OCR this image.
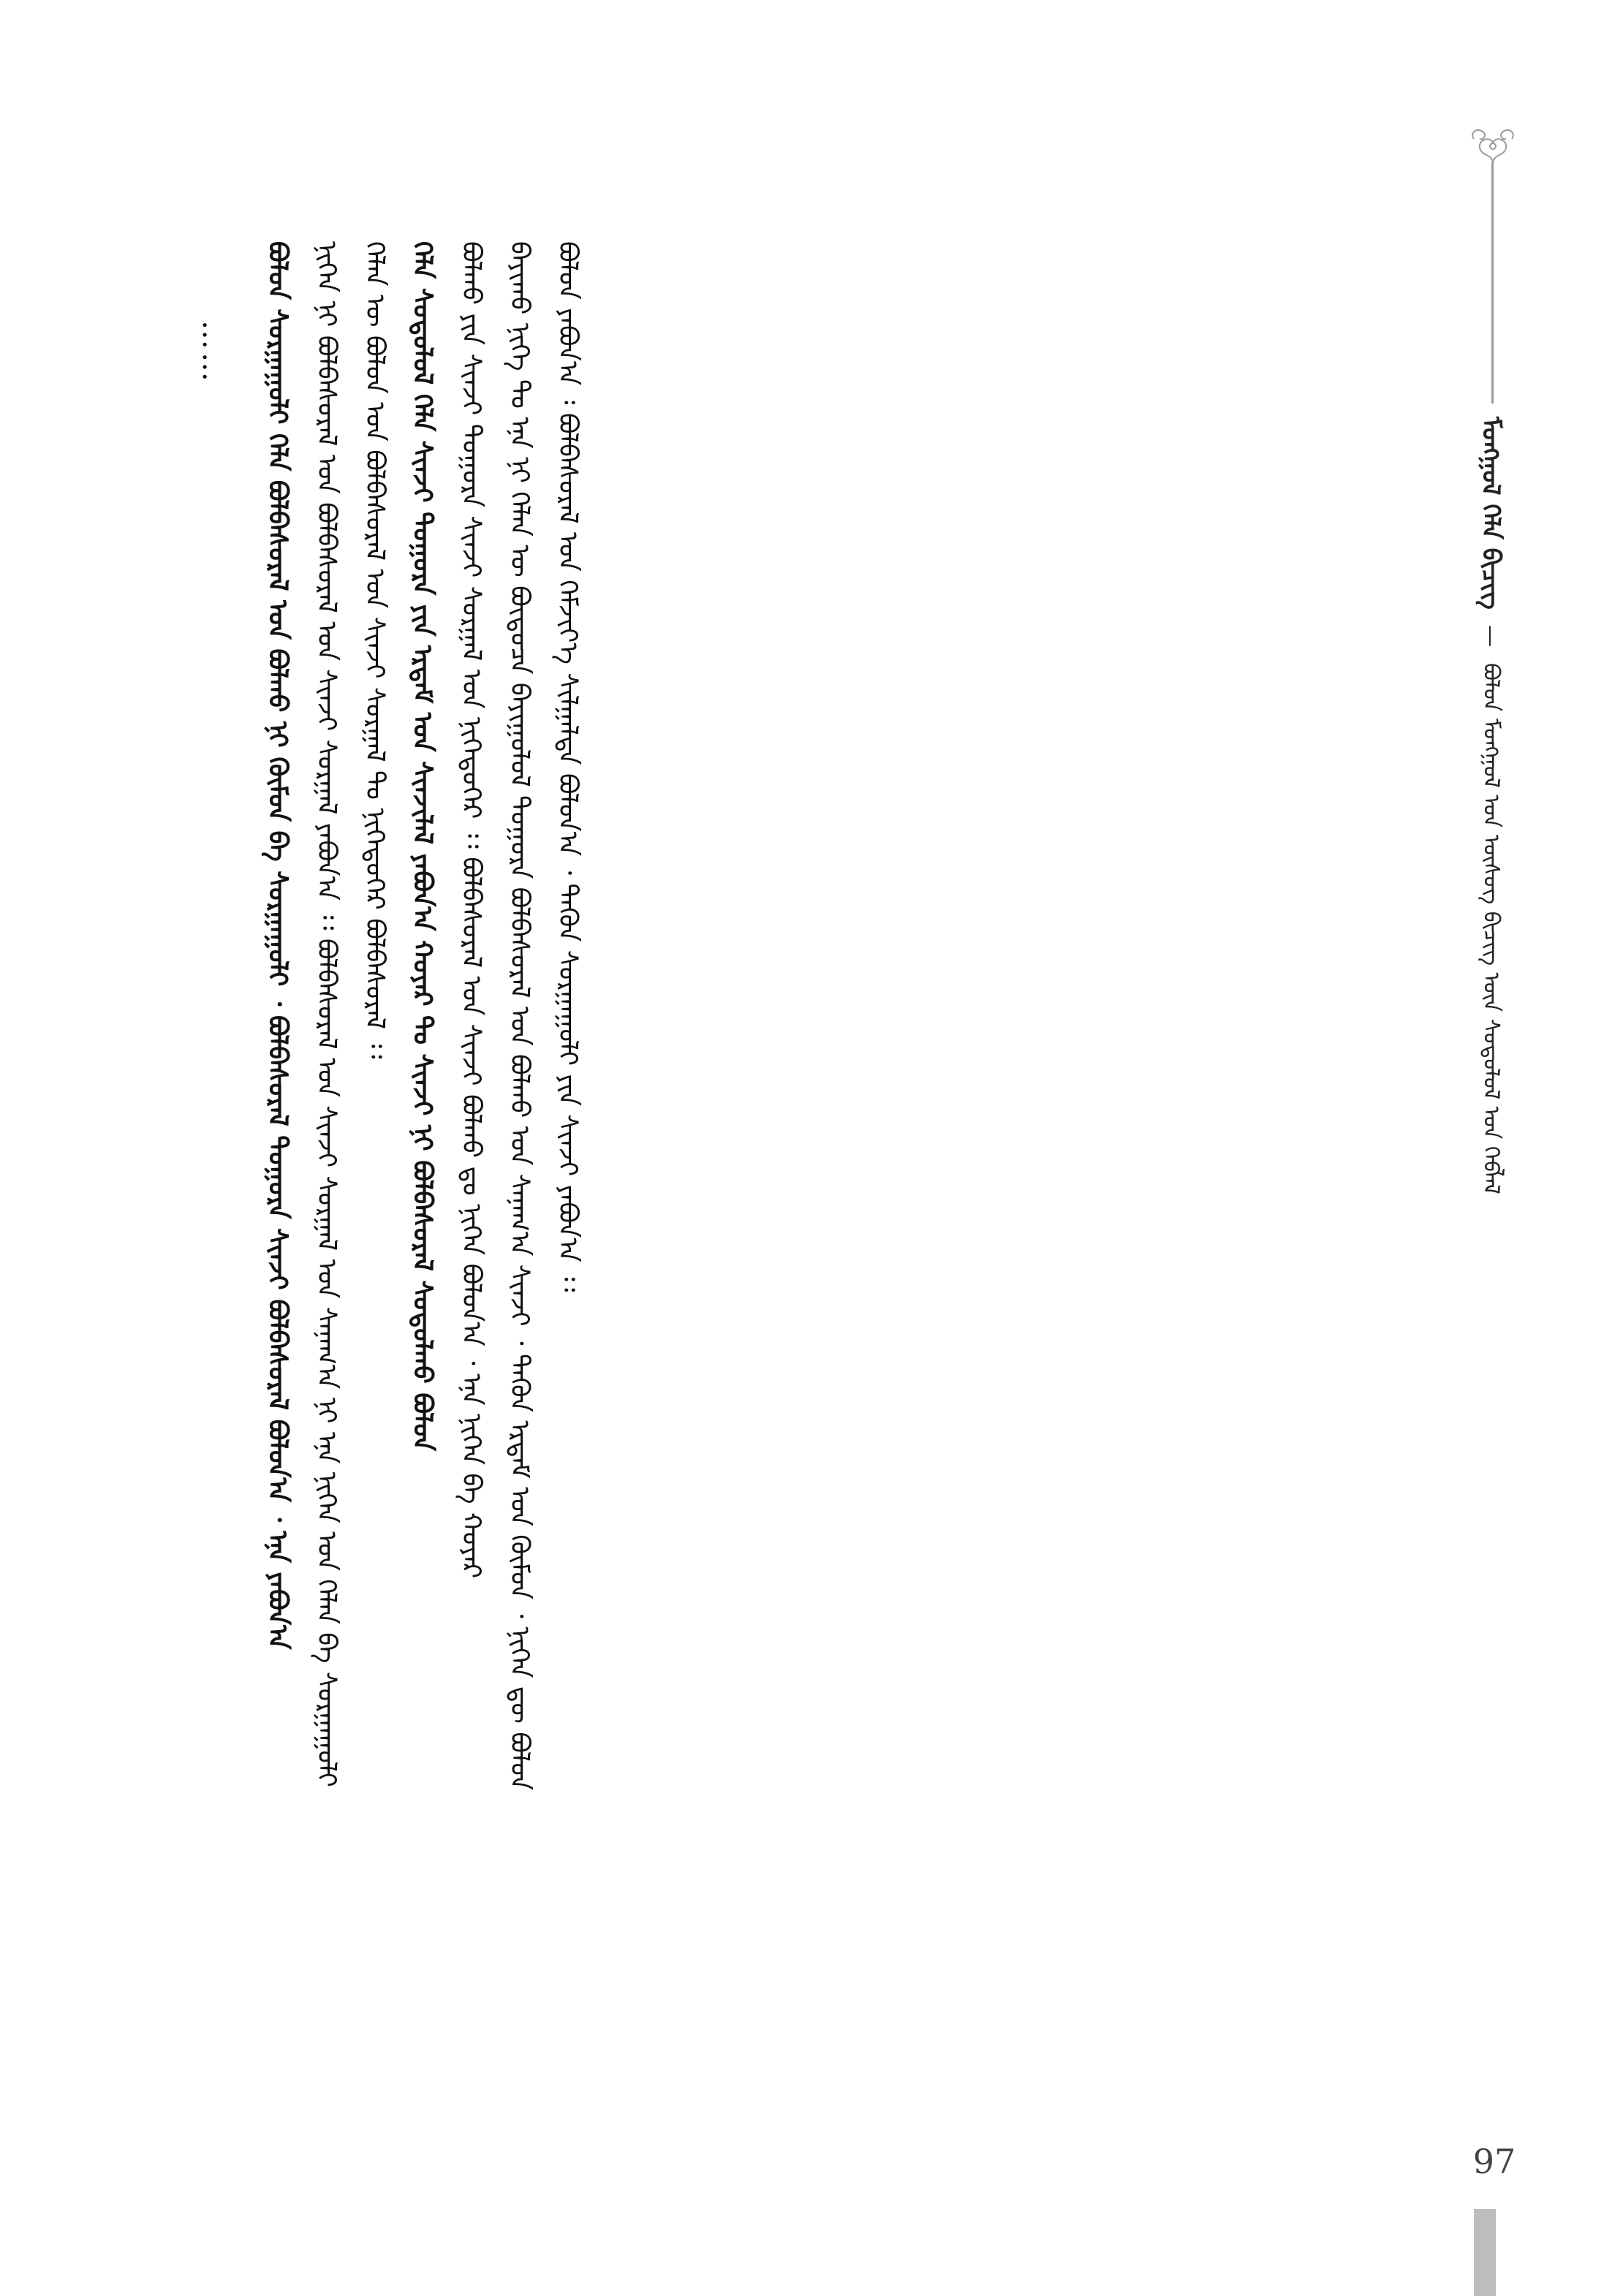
ᠮᠣᠩᠭᠣᠯ ᠬᠡᠯᠡ ᠪᠢᠴᠢᠭ — ᠪᠣᠯᠤᠨ ᠮᠣᠩᠭᠣᠯ ᠤᠨ ᠦᠰᠦᠭ ᠪᠢᠴᠢᠭ ᠦᠨ ᠰᠤᠳᠤᠯᠤᠯ ᠤᠨ ᠬᠡᠪᠯᠡᠯ
97
ᠪᠣᠯᠤᠨ ᠶᠠᠪᠤᠨ᠎ᠠ ᠄ ᠪᠣᠯᠪᠠᠰᠤᠷᠠᠯ ᠤᠨ ᠬᠡᠮᠵᠢᠶ᠎ᠡ ᠰᠢᠯᠭᠠᠯᠲᠠ ᠪᠣᠯᠤᠨ᠎ᠠ ᠂ ᠲᠡᠭᠦᠨ ᠰᠤᠷᠭᠠᠭᠤᠯᠢ ᠶᠢᠨ ᠰᠢᠨᠵᠢ ᠶᠠᠪᠤᠨ᠎ᠠ ᠄᠄
ᠪᠠᠶᠢᠬᠤ ᠨᠢᠭᠡ ᠲᠤ ᠡᠨᠡ ᠨᠢ ᠬᠡᠯᠡᠨ ᠦ ᠪᠦᠲᠦᠴᠡ ᠪᠠᠶᠢᠭᠤᠯᠤᠯ ᠲᠤᠭᠤᠷᠠ ᠪᠣᠯᠪᠠᠰᠤᠷᠠᠯ ᠤᠨ ᠪᠣᠯᠬᠤ ᠤᠨ ᠰᠠᠨᠠᠭ᠎ᠠ ᠰᠢᠨᠵᠢ ᠂ ᠲᠡᠭᠦᠨ ᠡᠷᠳᠡᠮ ᠤᠨ ᠬᠦᠮᠦᠨ ᠂ ᠨᠢᠭᠡᠨ ᠳᠦ ᠪᠣᠯᠤᠨ
ᠪᠣᠯᠬᠤ ᠶᠢᠨ ᠰᠢᠨᠵᠢ ᠲᠤᠭᠤᠷᠠ ᠰᠢᠨᠵᠢ ᠰᠤᠷᠭᠠᠯ ᠤᠨ ᠨᠢᠭᠡᠳᠦᠭᠡᠷ ᠄᠄ ᠪᠣᠯᠪᠠᠰᠤᠷᠠᠯ ᠤᠨ ᠰᠢᠨᠵᠢ ᠪᠣᠯᠬᠤ ᠳᠤ ᠨᠢᠭᠡᠨ ᠪᠣᠯᠤᠨ᠎ᠠ ᠂ ᠡᠨᠡ ᠨᠢᠭᠡᠨ ᠪᠠ ᠬᠣᠶᠠᠷ
ᠬᠡᠯᠡ ᠰᠤᠳᠤᠯᠤᠯ ᠬᠡᠯᠡ ᠰᠢᠨᠵᠢ ᠲᠤᠭᠤᠷᠠ ᠶᠢᠨ ᠡᠷᠳᠡᠮ ᠤᠨ ᠰᠢᠨᠵᠢᠯᠡᠯ ᠶᠠᠪᠤᠨ᠎ᠠ ᠬᠣᠶᠠᠷ ᠲᠤ ᠰᠢᠨᠵᠢ ᠨᠢ ᠪᠣᠯᠪᠠᠰᠤᠷᠠᠯ ᠰᠤᠳᠤᠯᠬᠤ ᠪᠣᠯᠤᠨ
ᠬᠡᠯᠡᠨ ᠦ ᠪᠣᠯᠤᠨ ᠤᠨ ᠪᠣᠯᠪᠠᠰᠤᠷᠠᠯ ᠤᠨ ᠰᠢᠨᠵᠢ ᠰᠤᠷᠭᠠᠯ ᠲᠤ ᠨᠢᠭᠡᠳᠦᠭᠡᠷ ᠪᠣᠯᠪᠠᠰᠤᠷᠠᠯ ᠄᠄
ᠨᠢᠭᠡᠨ ᠨᠢ ᠪᠣᠯᠪᠠᠰᠤᠷᠠᠯ ᠤᠨ ᠪᠣᠯᠪᠠᠰᠤᠷᠠᠯ ᠤᠨ ᠰᠢᠨᠵᠢ ᠰᠤᠷᠭᠠᠯ ᠶᠠᠪᠤᠨ᠎ᠠ ᠄᠄ ᠪᠣᠯᠪᠠᠰᠤᠷᠠᠯ ᠤᠨ ᠰᠢᠨᠵᠢ ᠰᠤᠷᠭᠠᠯ ᠤᠨ ᠰᠠᠨᠠᠭ᠎ᠠ ᠨᠢ ᠡᠨᠡ ᠨᠢᠭᠡᠨ ᠤᠨ ᠬᠡᠯᠡᠨ ᠪᠠ ᠰᠤᠷᠭᠠᠭᠤᠯᠢ
ᠪᠣᠯᠤᠨ ᠰᠤᠷᠭᠠᠭᠤᠯᠢ ᠬᠡᠯᠡ ᠪᠣᠯᠪᠠᠰᠤᠷᠠᠯ ᠤᠨ ᠪᠣᠯᠬᠤ ᠨᠢ ᠬᠦᠮᠦᠨ ᠪᠠ ᠰᠤᠷᠭᠠᠭᠤᠯᠢ ᠂ ᠪᠣᠯᠪᠠᠰᠤᠷᠠᠯ ᠲᠤᠭᠤᠷᠠ ᠰᠢᠨᠵᠢ ᠪᠣᠯᠪᠠᠰᠤᠷᠠᠯ ᠪᠣᠯᠤᠨ᠎ᠠ ᠂ ᠡᠨᠡ ᠶᠠᠪᠤᠨ᠎ᠠ
……
